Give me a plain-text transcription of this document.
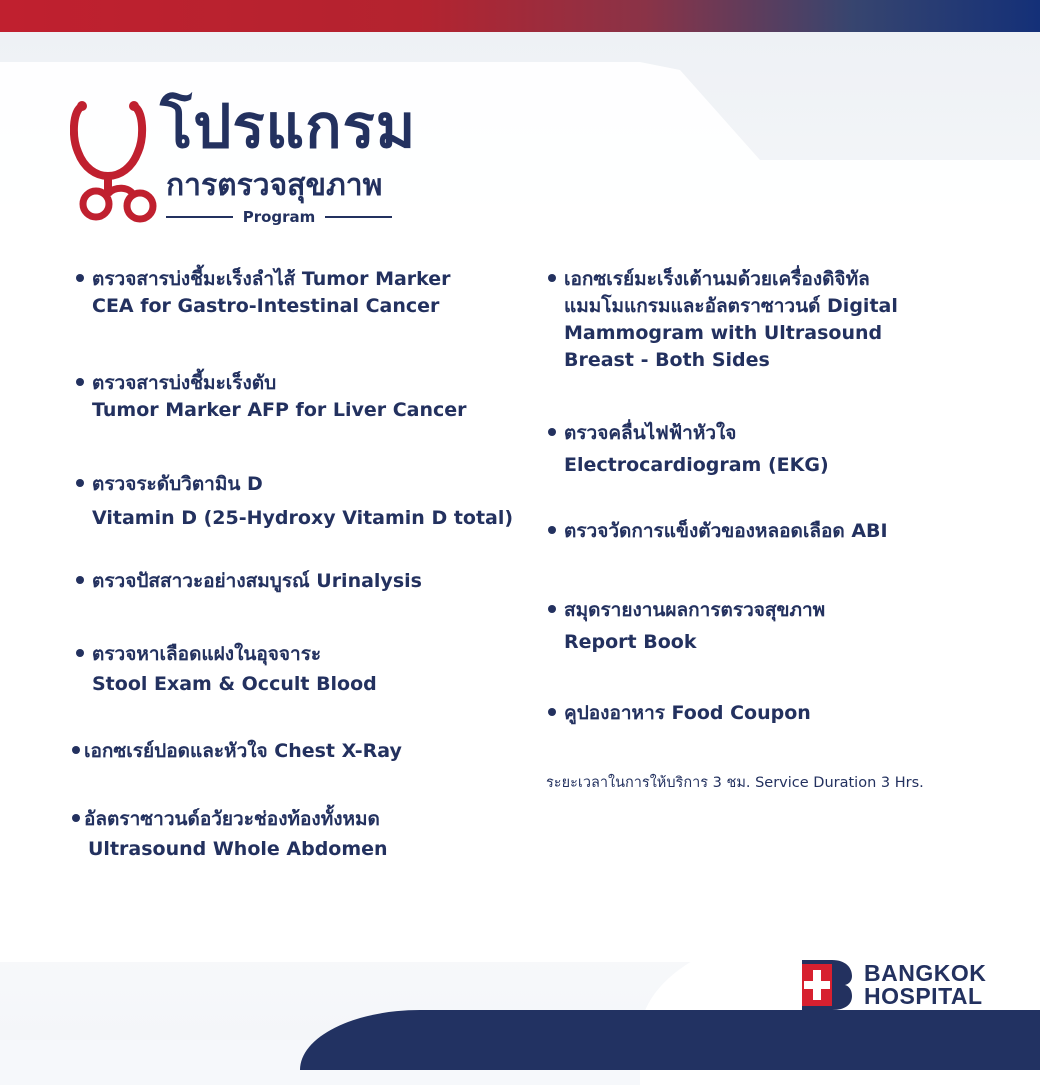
โปรแกรม
การตรวจสุขภาพ
Program
ตรวจสารบ่งชี้มะเร็งลำไส้ Tumor Marker
CEA for Gastro-Intestinal Cancer
ตรวจสารบ่งชี้มะเร็งตับ
Tumor Marker AFP for Liver Cancer
ตรวจระดับวิตามิน D
Vitamin D (25-Hydroxy Vitamin D total)
ตรวจปัสสาวะอย่างสมบูรณ์ Urinalysis
ตรวจหาเลือดแฝงในอุจจาระ
Stool Exam & Occult Blood
เอกซเรย์ปอดและหัวใจ Chest X-Ray
อัลตราซาวนด์อวัยวะช่องท้องทั้งหมด
Ultrasound Whole Abdomen
เอกซเรย์มะเร็งเต้านมด้วยเครื่องดิจิทัล
แมมโมแกรมและอัลตราซาวนด์ Digital
Mammogram with Ultrasound
Breast - Both Sides
ตรวจคลื่นไฟฟ้าหัวใจ
Electrocardiogram (EKG)
ตรวจวัดการแข็งตัวของหลอดเลือด ABI
สมุดรายงานผลการตรวจสุขภาพ
Report Book
คูปองอาหาร Food Coupon
ระยะเวลาในการให้บริการ 3 ชม. Service Duration 3 Hrs.
BANGKOK
HOSPITAL
